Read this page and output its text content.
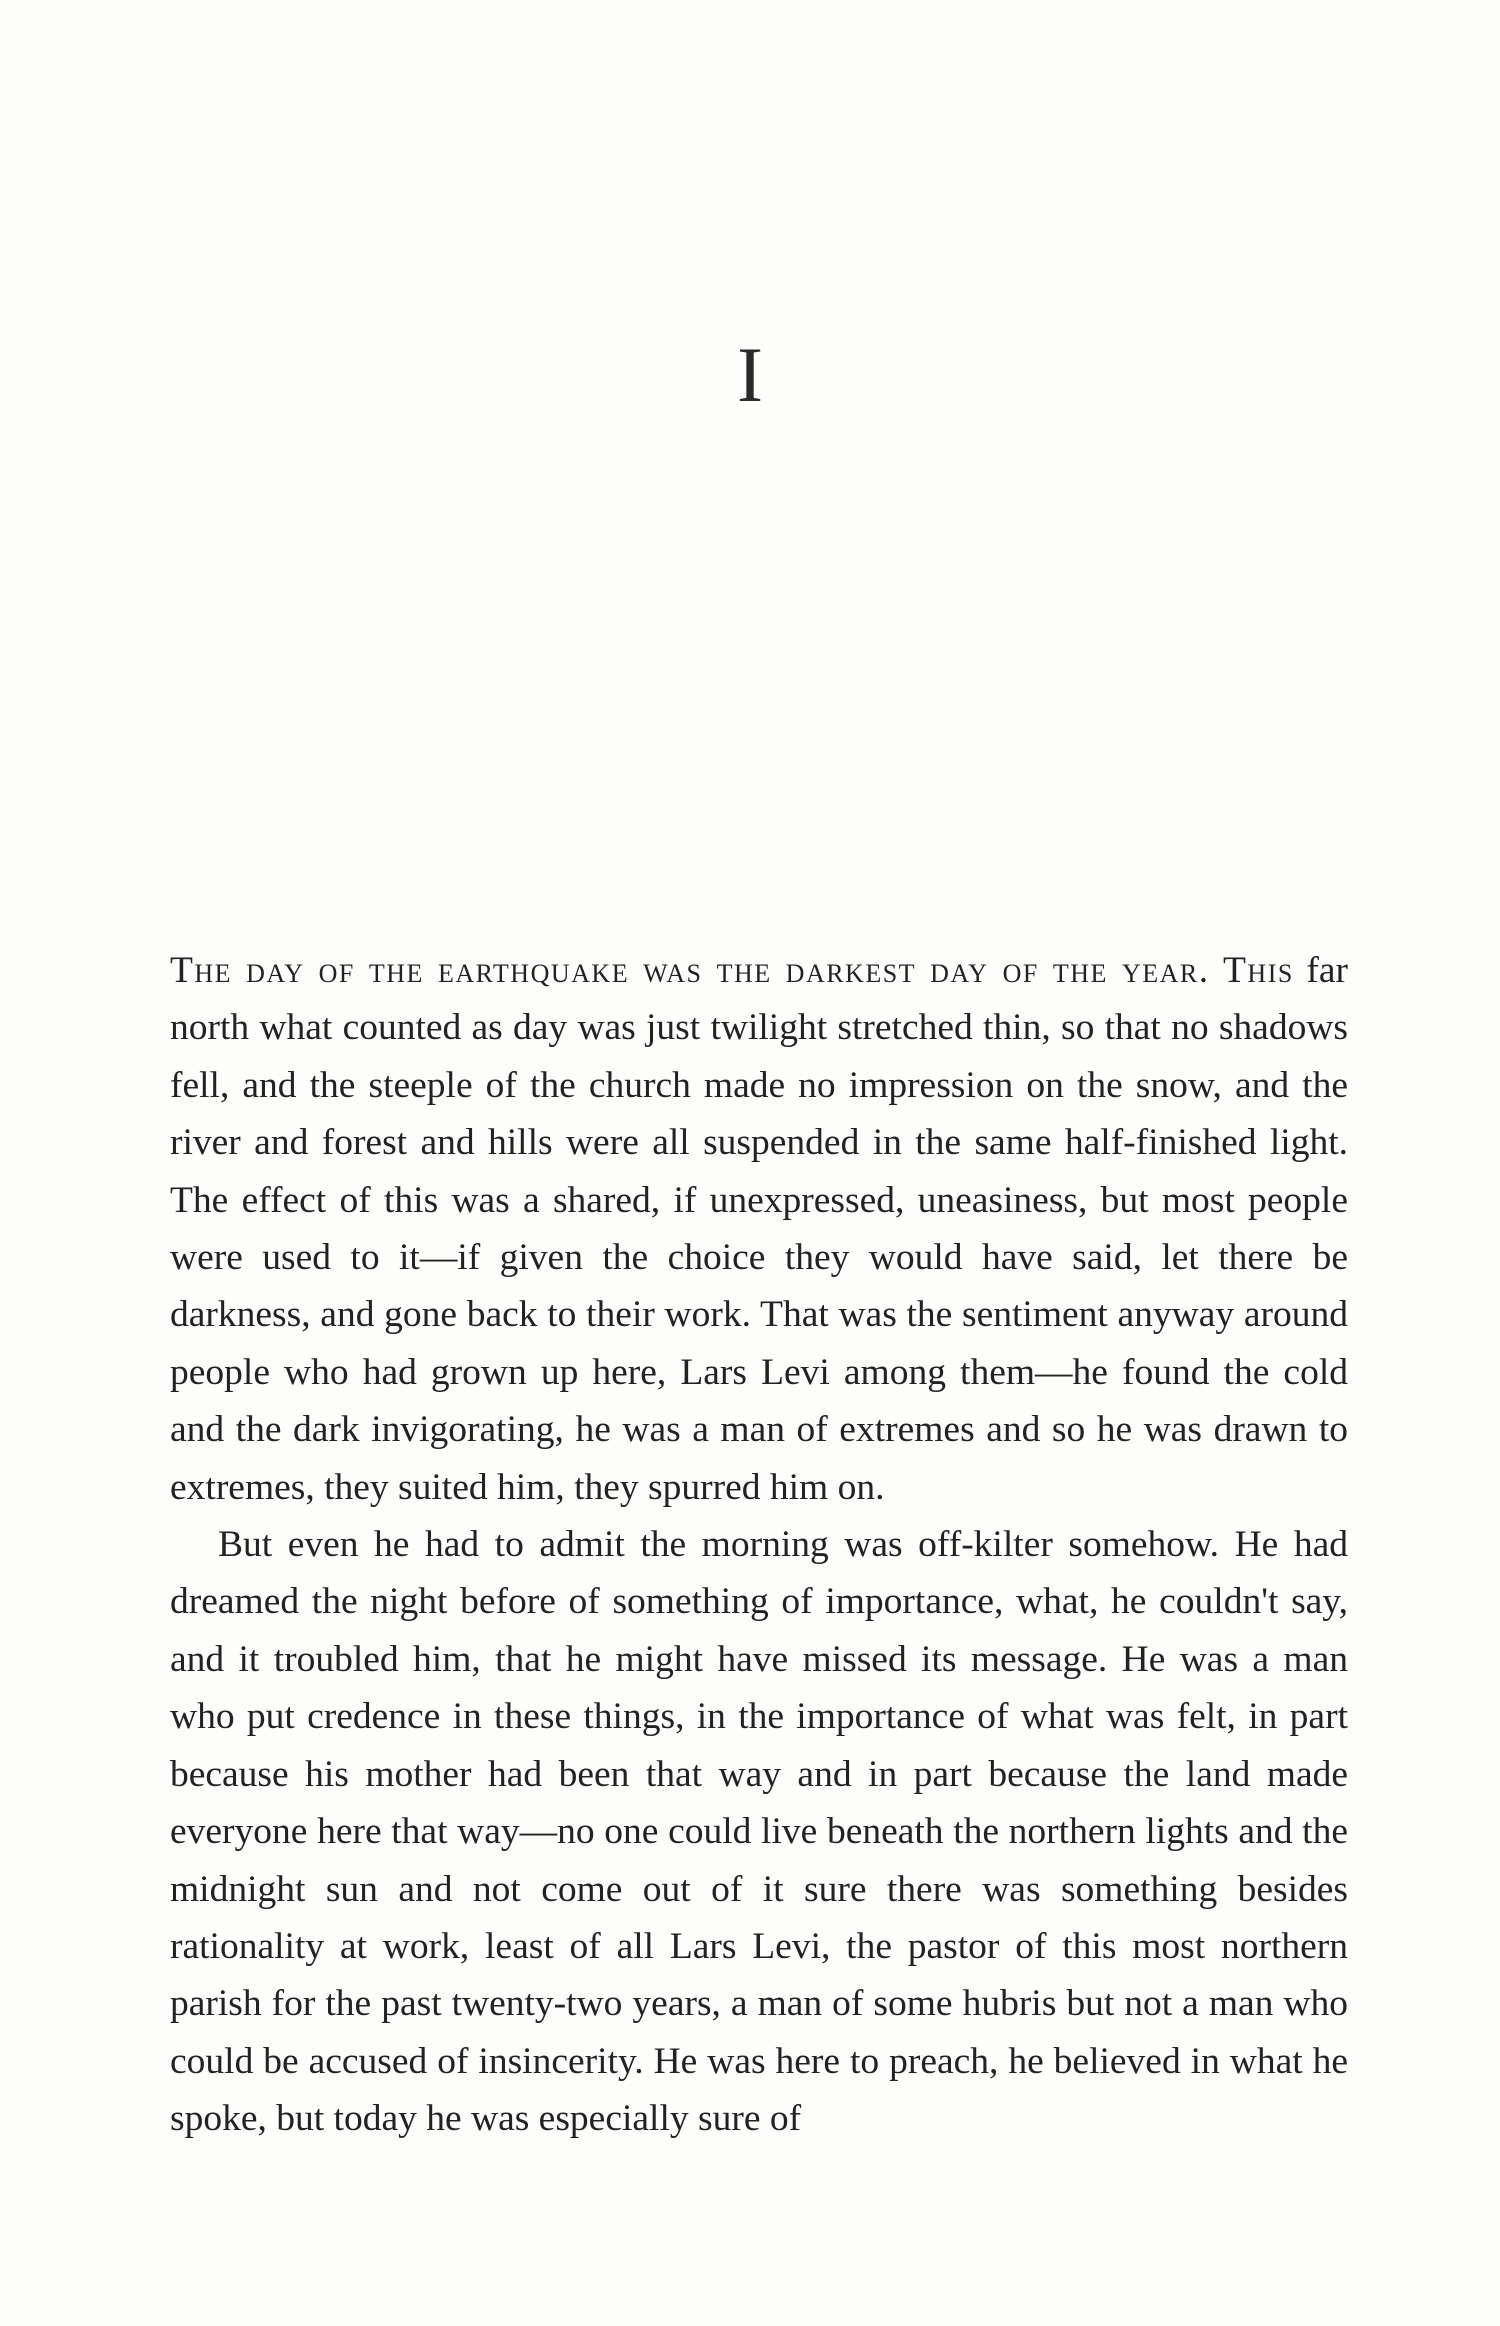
I

The day of the earthquake was the darkest day of the year. This far north what counted as day was just twilight stretched thin, so that no shadows fell, and the steeple of the church made no impression on the snow, and the river and forest and hills were all suspended in the same half-finished light. The effect of this was a shared, if unexpressed, uneasiness, but most people were used to it—if given the choice they would have said, let there be darkness, and gone back to their work. That was the sentiment anyway around people who had grown up here, Lars Levi among them—he found the cold and the dark invigorating, he was a man of extremes and so he was drawn to extremes, they suited him, they spurred him on.

But even he had to admit the morning was off-kilter somehow. He had dreamed the night before of something of importance, what, he couldn't say, and it troubled him, that he might have missed its message. He was a man who put credence in these things, in the importance of what was felt, in part because his mother had been that way and in part because the land made everyone here that way—no one could live beneath the northern lights and the midnight sun and not come out of it sure there was something besides rationality at work, least of all Lars Levi, the pastor of this most northern parish for the past twenty-two years, a man of some hubris but not a man who could be accused of insincerity. He was here to preach, he believed in what he spoke, but today he was especially sure of
